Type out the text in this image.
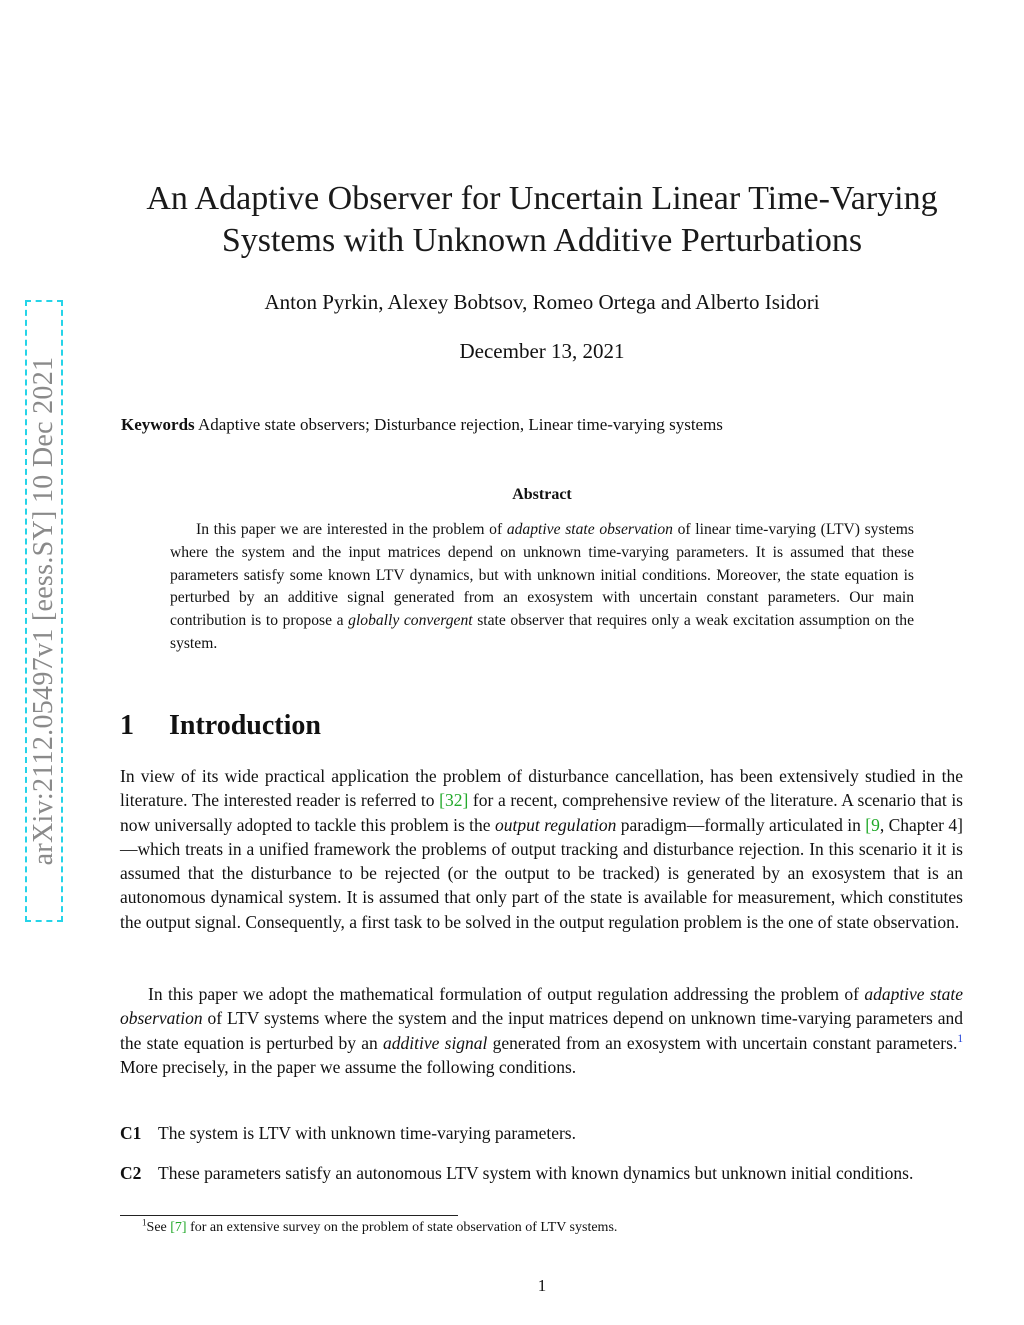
arXiv:2112.05497v1 [eess.SY] 10 Dec 2021
An Adaptive Observer for Uncertain Linear Time-Varying
Systems with Unknown Additive Perturbations
Anton Pyrkin, Alexey Bobtsov, Romeo Ortega and Alberto Isidori
December 13, 2021
Keywords Adaptive state observers; Disturbance rejection, Linear time-varying systems
Abstract
In this paper we are interested in the problem of adaptive state observation of linear time-varying (LTV) systems where the system and the input matrices depend on unknown time-varying parameters. It is assumed that these parameters satisfy some known LTV dynamics, but with unknown initial conditions. Moreover, the state equation is perturbed by an additive signal generated from an exosystem with uncertain constant parameters. Our main contribution is to propose a globally convergent state observer that requires only a weak excitation assumption on the system.
1 Introduction
In view of its wide practical application the problem of disturbance cancellation, has been extensively studied in the literature. The interested reader is referred to [32] for a recent, comprehensive review of the literature. A scenario that is now universally adopted to tackle this problem is the output regulation paradigm—formally articulated in [9, Chapter 4]—which treats in a unified framework the problems of output tracking and disturbance rejection. In this scenario it it is assumed that the disturbance to be rejected (or the output to be tracked) is generated by an exosystem that is an autonomous dynamical system. It is assumed that only part of the state is available for measurement, which constitutes the output signal. Consequently, a first task to be solved in the output regulation problem is the one of state observation.
In this paper we adopt the mathematical formulation of output regulation addressing the problem of adaptive state observation of LTV systems where the system and the input matrices depend on unknown time-varying parameters and the state equation is perturbed by an additive signal generated from an exosystem with uncertain constant parameters.$^1$ More precisely, in the paper we assume the following conditions.
C1 The system is LTV with unknown time-varying parameters.
C2 These parameters satisfy an autonomous LTV system with known dynamics but unknown initial conditions.
$^1$See [7] for an extensive survey on the problem of state observation of LTV systems.
1
